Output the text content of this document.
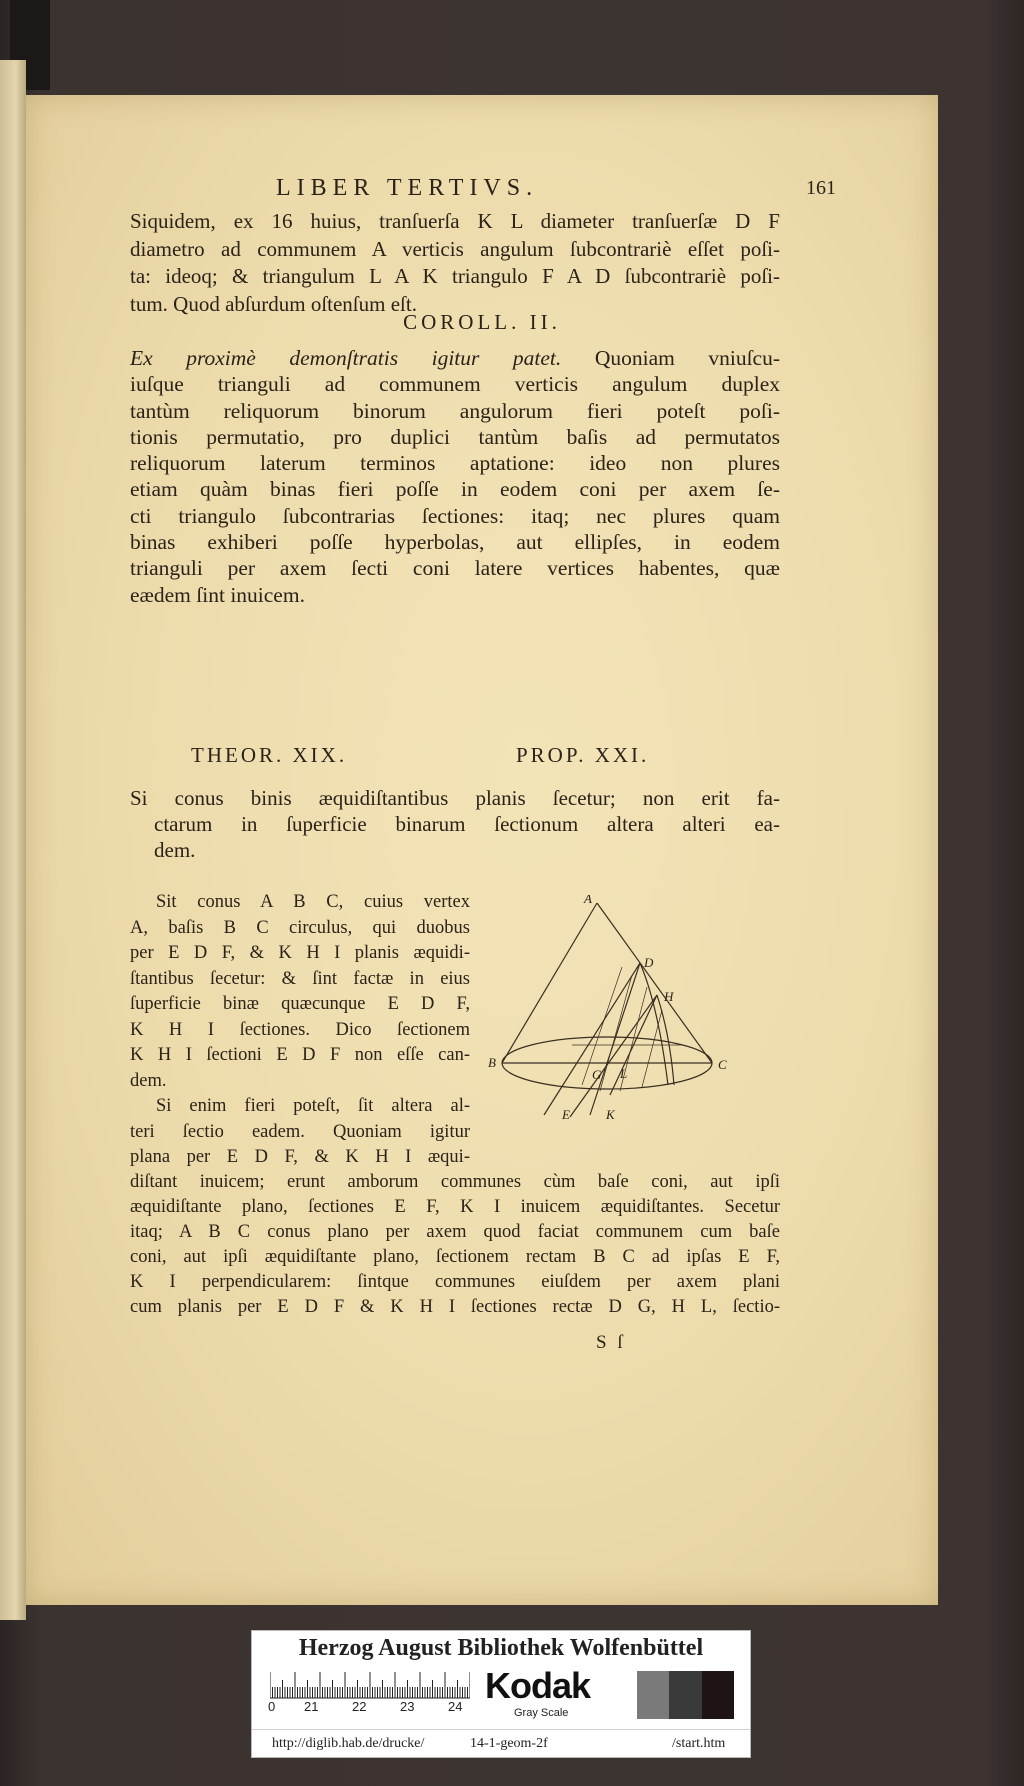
LIBER TERTIVS.	161
Siquidem, ex 16 huius, tranſuerſa K L diameter tranſuerſæ D F
diametro ad communem A verticis angulum ſubcontrariè eſſet poſi-
ta: ideoq; & triangulum L A K triangulo F A D ſubcontrariè poſi-
tum. Quod abſurdum oſtenſum eſt.
COROLL. II.
Ex proximè demonſtratis igitur patet. Quoniam vniuſcu-
iuſque trianguli ad communem verticis angulum duplex
tantùm reliquorum binorum angulorum fieri poteſt poſi-
tionis permutatio, pro duplici tantùm baſis ad permutatos
reliquorum laterum terminos aptatione: ideo non plures
etiam quàm binas fieri poſſe in eodem coni per axem ſe-
cti triangulo ſubcontrarias ſectiones: itaq; nec plures quam
binas exhiberi poſſe hyperbolas, aut ellipſes, in eodem
trianguli per axem ſecti coni latere vertices habentes, quæ
eædem ſint inuicem.
THEOR. XIX.	PROP. XXI.
Si conus binis æquidiſtantibus planis ſecetur; non erit fa-
ctarum in ſuperficie binarum ſectionum altera alteri ea-
dem.
Sit conus A B C, cuius vertex
A, baſis B C circulus, qui duobus
per E D F, & K H I planis æquidi-
ſtantibus ſecetur: & ſint factæ in eius
ſuperficie binæ quæcunque E D F,
K H I ſectiones. Dico ſectionem
K H I ſectioni E D F non eſſe can-
dem.
Si enim fieri poteſt, ſit altera al-
teri ſectio eadem. Quoniam igitur
plana per E D F, & K H I æqui-
A
B	C
D
H
L
G
E	K
diſtant inuicem; erunt amborum communes cùm baſe coni, aut ipſi
æquidiſtante plano, ſectiones E F, K I inuicem æquidiſtantes. Secetur
itaq; A B C conus plano per axem quod faciat communem cum baſe
coni, aut ipſi æquidiſtante plano, ſectionem rectam B C ad ipſas E F,
K I perpendicularem: ſintque communes eiuſdem per axem plani
cum planis per E D F & K H I ſectiones rectæ D G, H L, ſectio-
S ſ
Herzog August Bibliothek Wolfenbüttel
0 21	22	23	24
Kodak
Gray Scale
http://diglib.hab.de/drucke/	14-1-geom-2f	/start.htm
